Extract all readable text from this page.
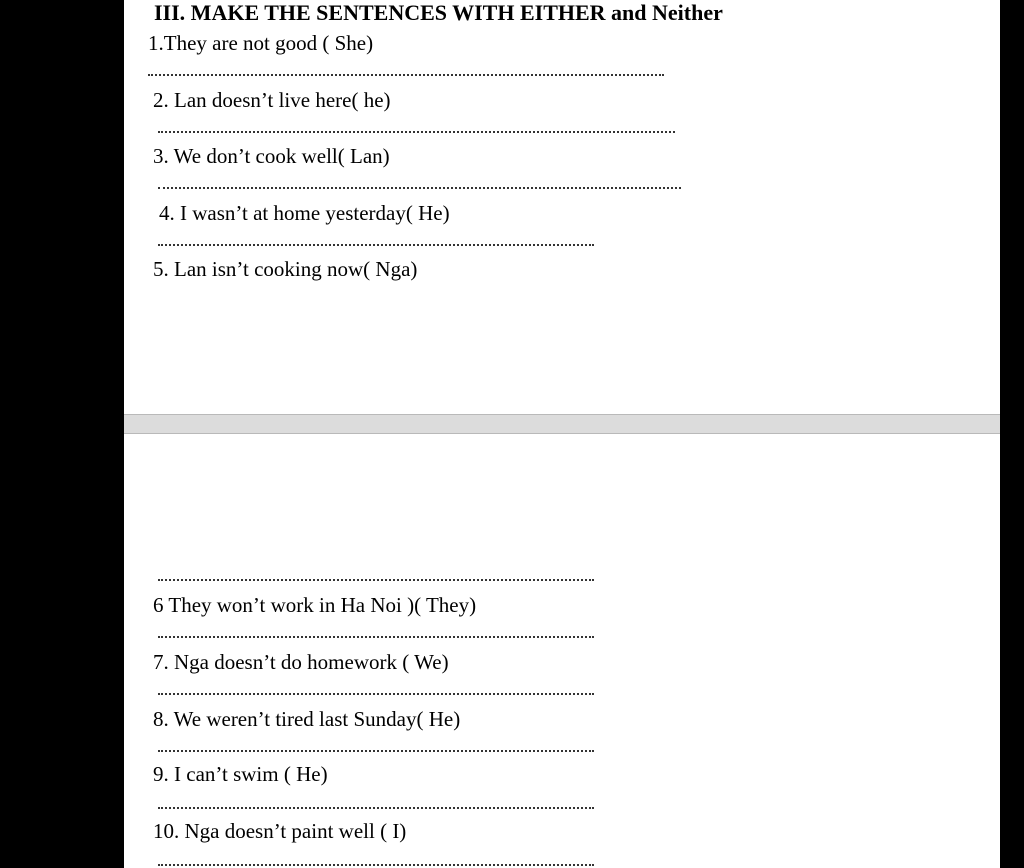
III. MAKE THE SENTENCES WITH EITHER and Neither
1.They are not good ( She)
2. Lan doesn’t live here( he)
3. We don’t cook well( Lan)
4. I wasn’t at home yesterday( He)
5. Lan isn’t cooking now( Nga)
6 They won’t work in Ha Noi )( They)
7. Nga doesn’t do homework ( We)
8. We weren’t tired last Sunday( He)
9. I can’t swim ( He)
10. Nga doesn’t paint well ( I)
